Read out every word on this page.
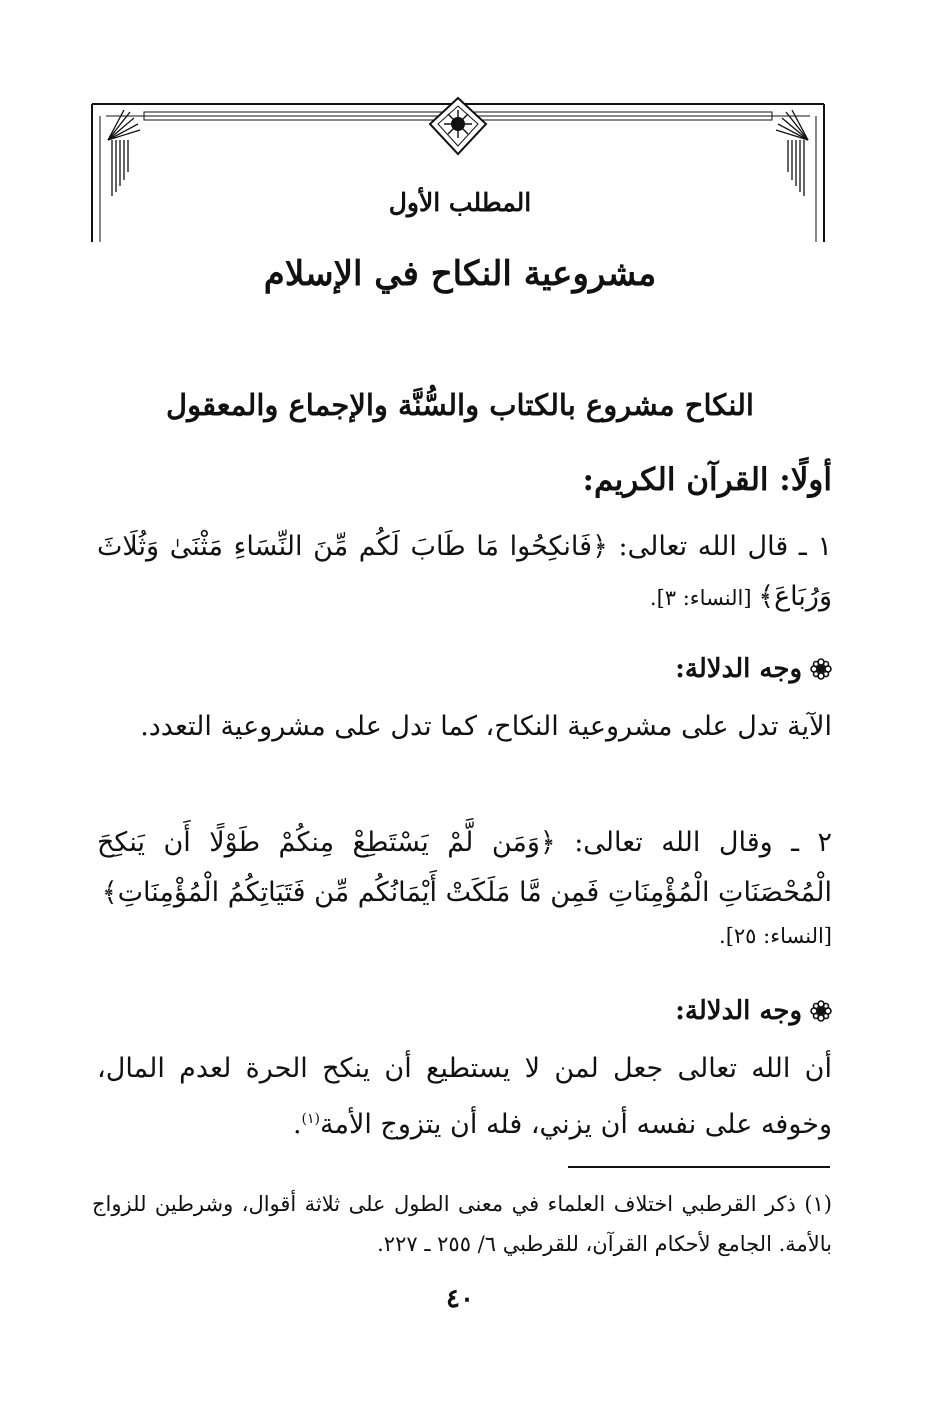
المطلب الأول
مشروعية النكاح في الإسلام
النكاح مشروع بالكتاب والسُّنَّة والإجماع والمعقول
أولًا: القرآن الكريم:
١ ـ قال الله تعالى: ﴿فَانكِحُوا مَا طَابَ لَكُم مِّنَ النِّسَاءِ مَثْنَىٰ وَثُلَاثَ وَرُبَاعَ﴾ [النساء: ٣].
وجه الدلالة:
الآية تدل على مشروعية النكاح، كما تدل على مشروعية التعدد.
٢ ـ وقال الله تعالى: ﴿وَمَن لَّمْ يَسْتَطِعْ مِنكُمْ طَوْلًا أَن يَنكِحَ الْمُحْصَنَاتِ الْمُؤْمِنَاتِ فَمِن مَّا مَلَكَتْ أَيْمَانُكُم مِّن فَتَيَاتِكُمُ الْمُؤْمِنَاتِ﴾
[النساء: ٢٥].
وجه الدلالة:
أن الله تعالى جعل لمن لا يستطيع أن ينكح الحرة لعدم المال، وخوفه على نفسه أن يزني، فله أن يتزوج الأمة$^{(١)}$.
(١) ذكر القرطبي اختلاف العلماء في معنى الطول على ثلاثة أقوال، وشرطين للزواج بالأمة. الجامع لأحكام القرآن، للقرطبي ٦/ ٢٥٥ ـ ٢٢٧.
٤٠
